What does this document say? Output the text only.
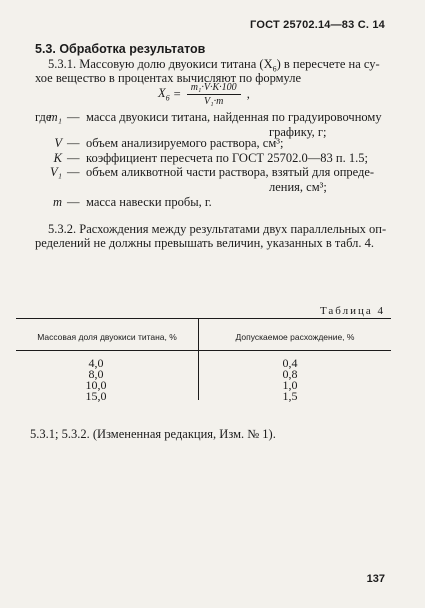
ГОСТ 25702.14—83 С. 14
5.3. Обработка результатов
5.3.1. Массовую долю двуокиси титана $(X_6)$ в пересчете на су-
хое вещество в процентах вычисляют по формуле
$X_6 = \frac{\text{m₁·V·K·100}}{\text{V₁·m}}$ ,
где
m₁ — масса двуокиси титана, найденная по градуировочному
графику, г;
V — объем анализируемого раствора, см³;
K — коэффициент пересчета по ГОСТ 25702.0—83 п. 1.5;
V₁ — объем аликвотной части раствора, взятый для опреде-
ления, см³;
m — масса навески пробы, г.
5.3.2. Расхождения между результатами двух параллельных оп-
ределений не должны превышать величин, указанных в табл. 4.
Таблица 4
Массовая доля двуокиси титана, %	Допускаемое расхождение, %
4,0	0,4
8,0	0,8
10,0	1,0
15,0	1,5
5.3.1; 5.3.2. (Измененная редакция, Изм. № 1).
137
